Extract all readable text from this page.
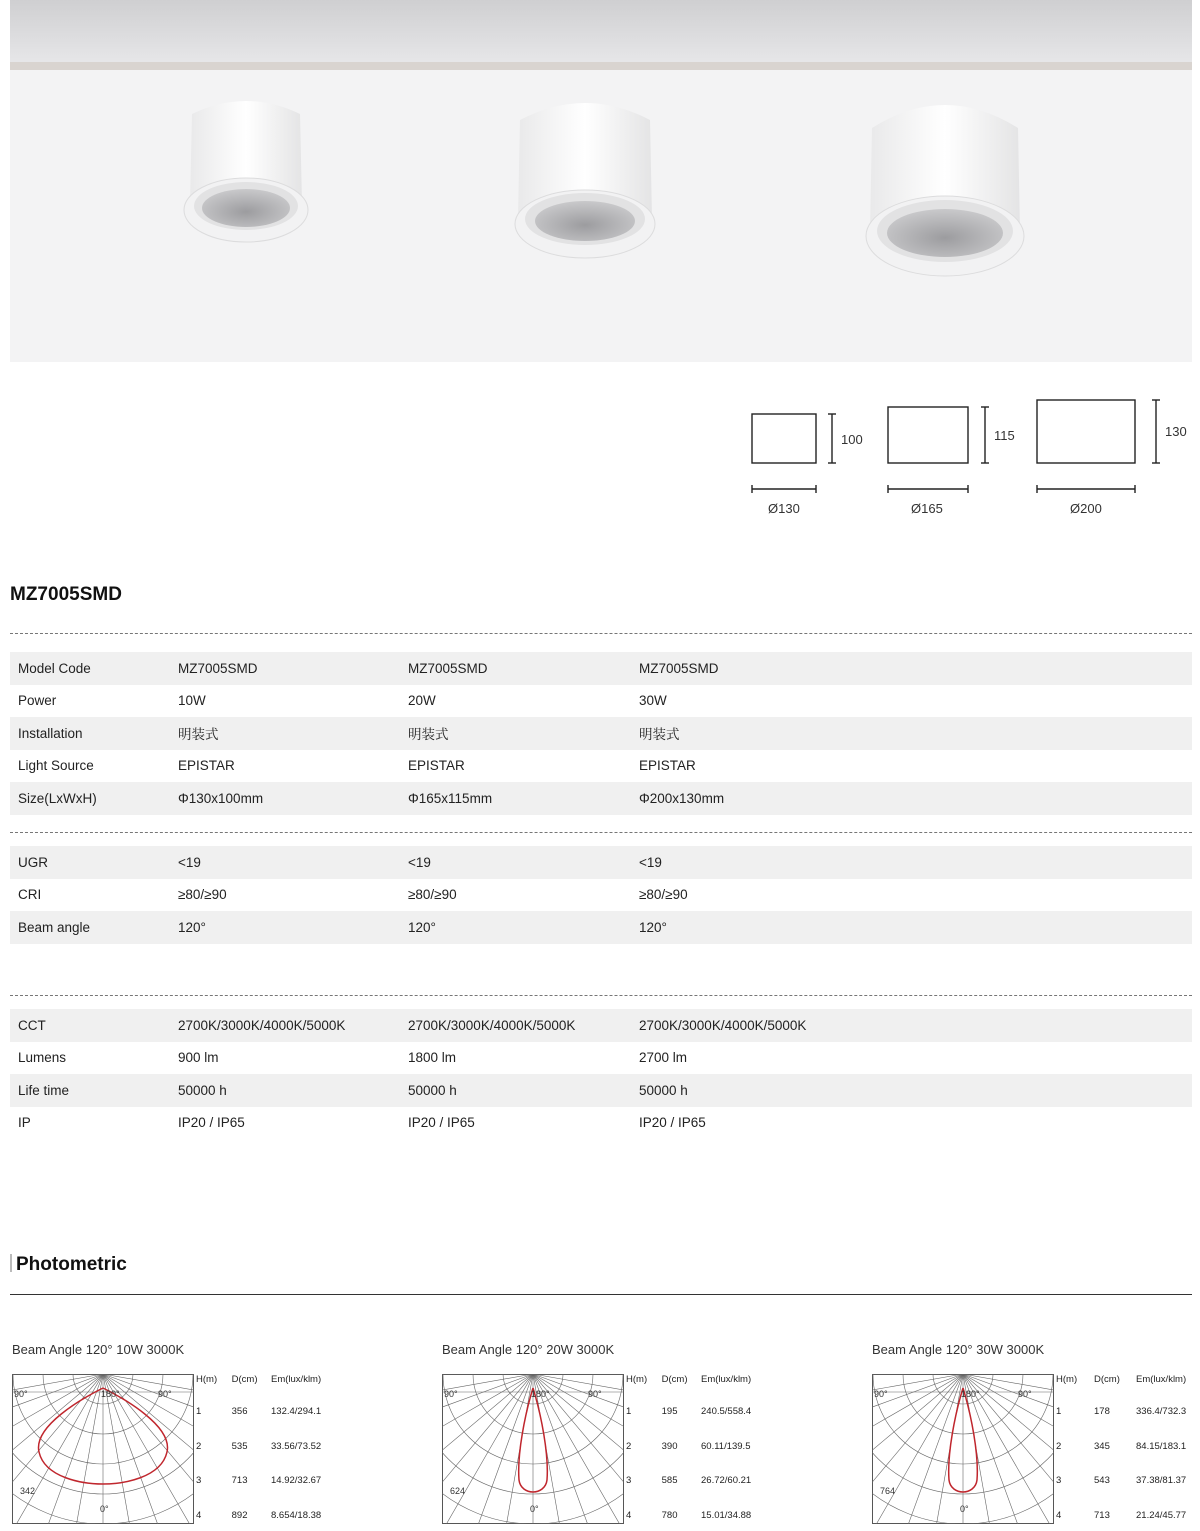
100
Ø130
115
Ø165
130
Ø200
MZ7005SMD
Model Code	MZ7005SMD	MZ7005SMD	MZ7005SMD
Power	10W	20W	30W
Installation	明装式	明装式	明装式
Light Source	EPISTAR	EPISTAR	EPISTAR
Size(LxWxH)	Φ130x100mm	Φ165x115mm	Φ200x130mm
UGR	<19	<19	<19
CRI	≥80/≥90	≥80/≥90	≥80/≥90
Beam angle	120°	120°	120°
CCT	2700K/3000K/4000K/5000K	2700K/3000K/4000K/5000K	2700K/3000K/4000K/5000K
Lumens	900 lm	1800 lm	2700 lm
Life time	50000 h	50000 h	50000 h
IP	IP20 / IP65	IP20 / IP65	IP20 / IP65
Photometric
Beam Angle 120° 10W 3000K
90°	180°	90°
0°
342
H(m)	D(cm)	Em(lux/klm)
1	356	132.4/294.1
2	535	33.56/73.52
3	713	14.92/32.67
4	892	8.654/18.38
Beam Angle 120° 20W 3000K
90°	180°	90°
0°
624
H(m)	D(cm)	Em(lux/klm)
1	195	240.5/558.4
2	390	60.11/139.5
3	585	26.72/60.21
4	780	15.01/34.88
Beam Angle 120° 30W 3000K
90°	180°	90°
0°
764
H(m)	D(cm)	Em(lux/klm)
1	178	336.4/732.3
2	345	84.15/183.1
3	543	37.38/81.37
4	713	21.24/45.77
